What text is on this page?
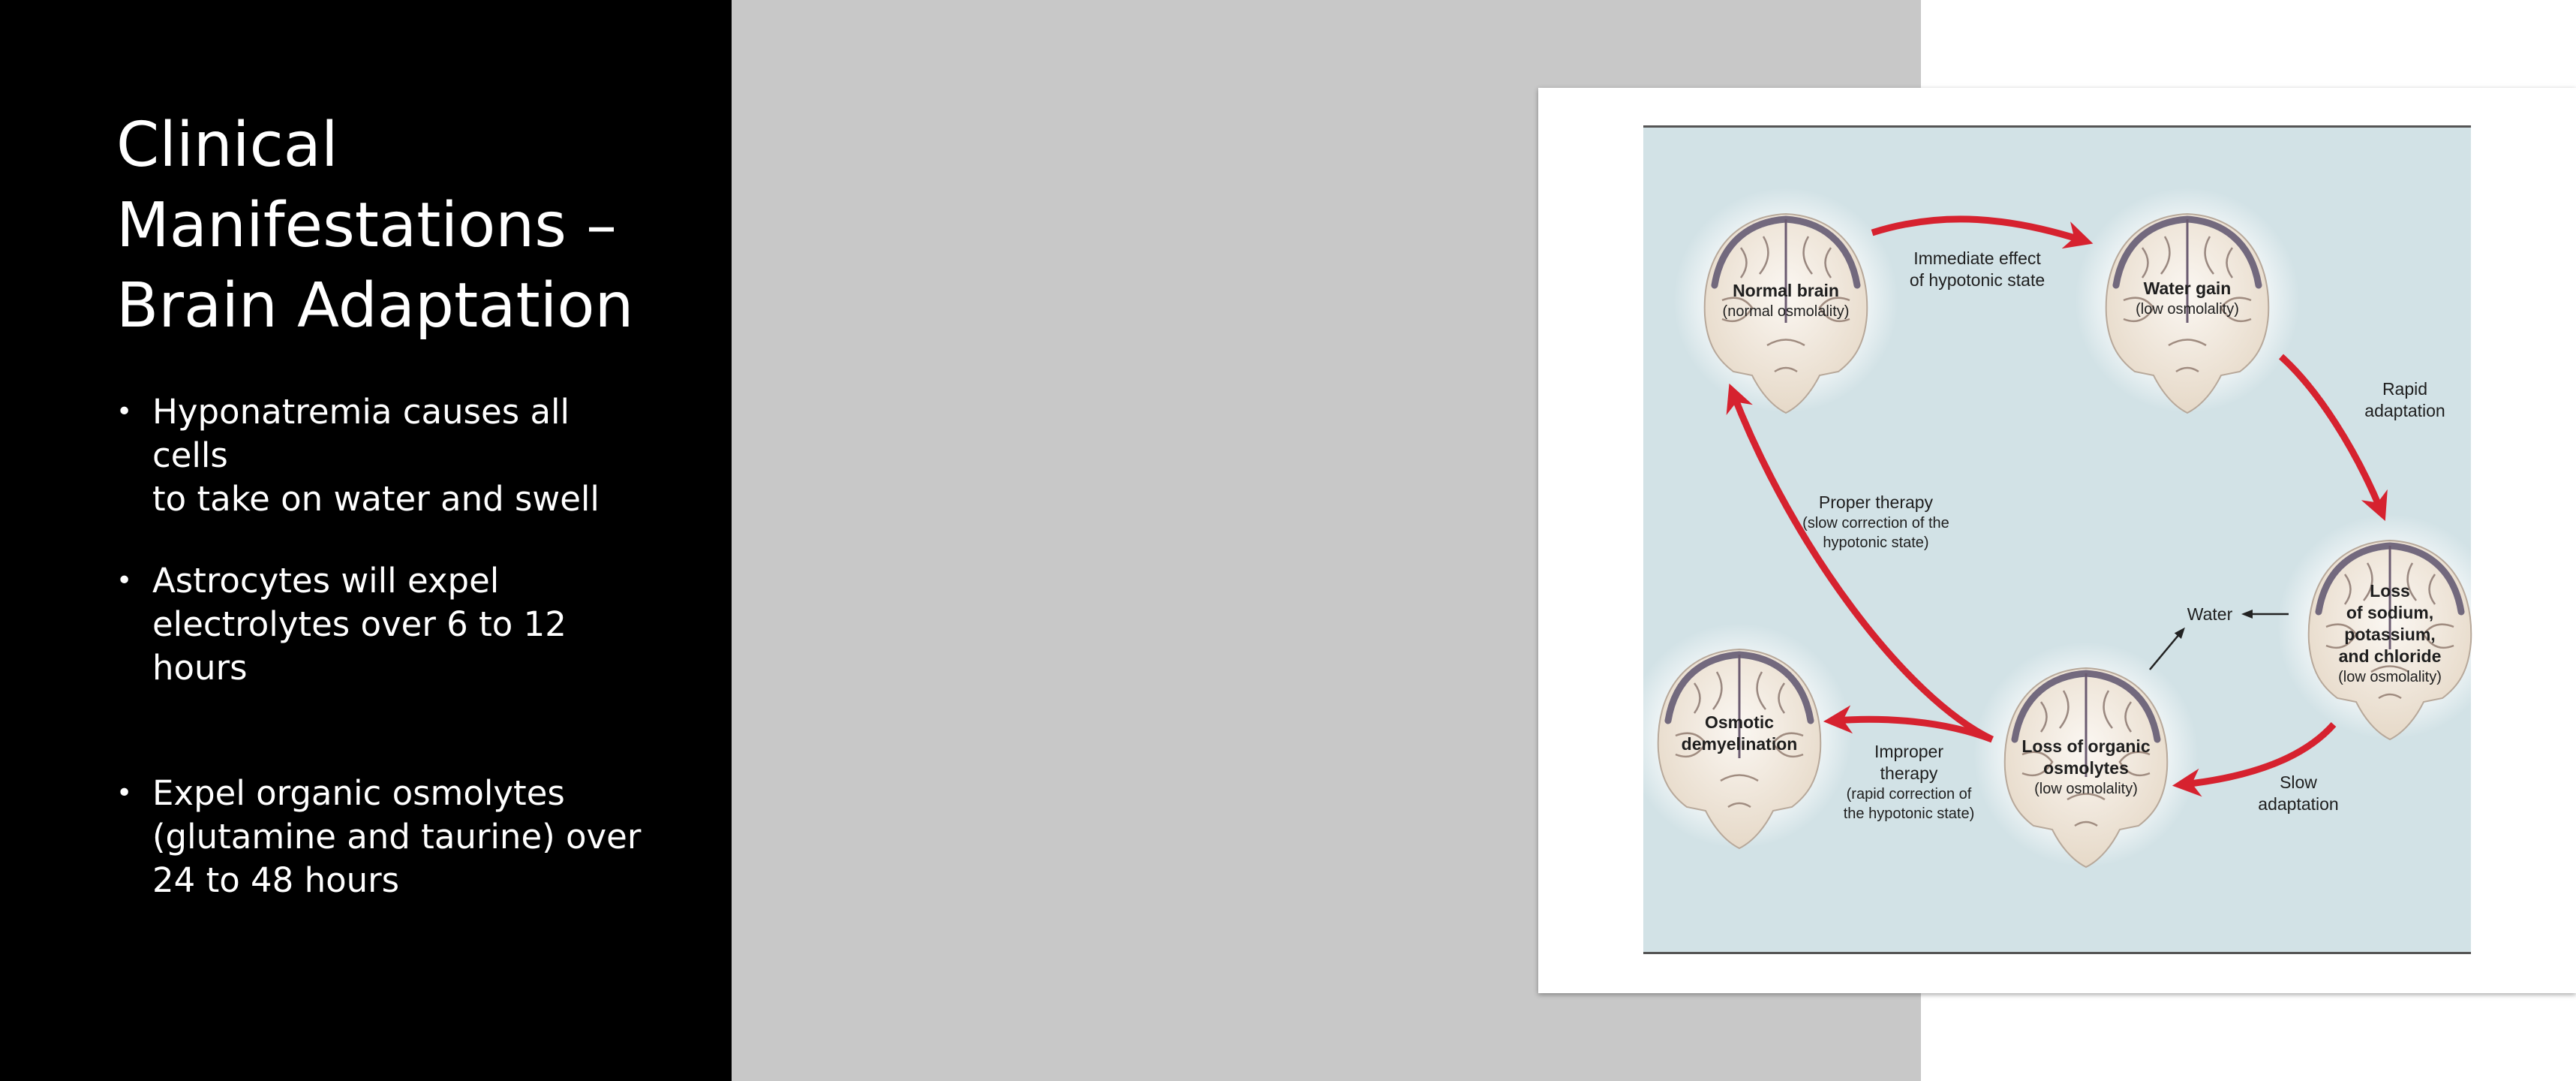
Clinical
Manifestations –
Brain Adaptation
• Hyponatremia causes all cells
to take on water and swell
• Astrocytes will expel
electrolytes over 6 to 12
hours
• Expel organic osmolytes
(glutamine and taurine) over
24 to 48 hours
Normal brain
(normal osmolality)
Water gain
(low osmolality)
Loss
of sodium,
potassium,
and chloride
(low osmolality)
Loss of organic
osmolytes
(low osmolality)
Osmotic
demyelination
Immediate effect
of hypotonic state
Rapid
adaptation
Slow
adaptation
Water
Proper therapy
(slow correction of the
hypotonic state)
Improper
therapy
(rapid correction of
the hypotonic state)
